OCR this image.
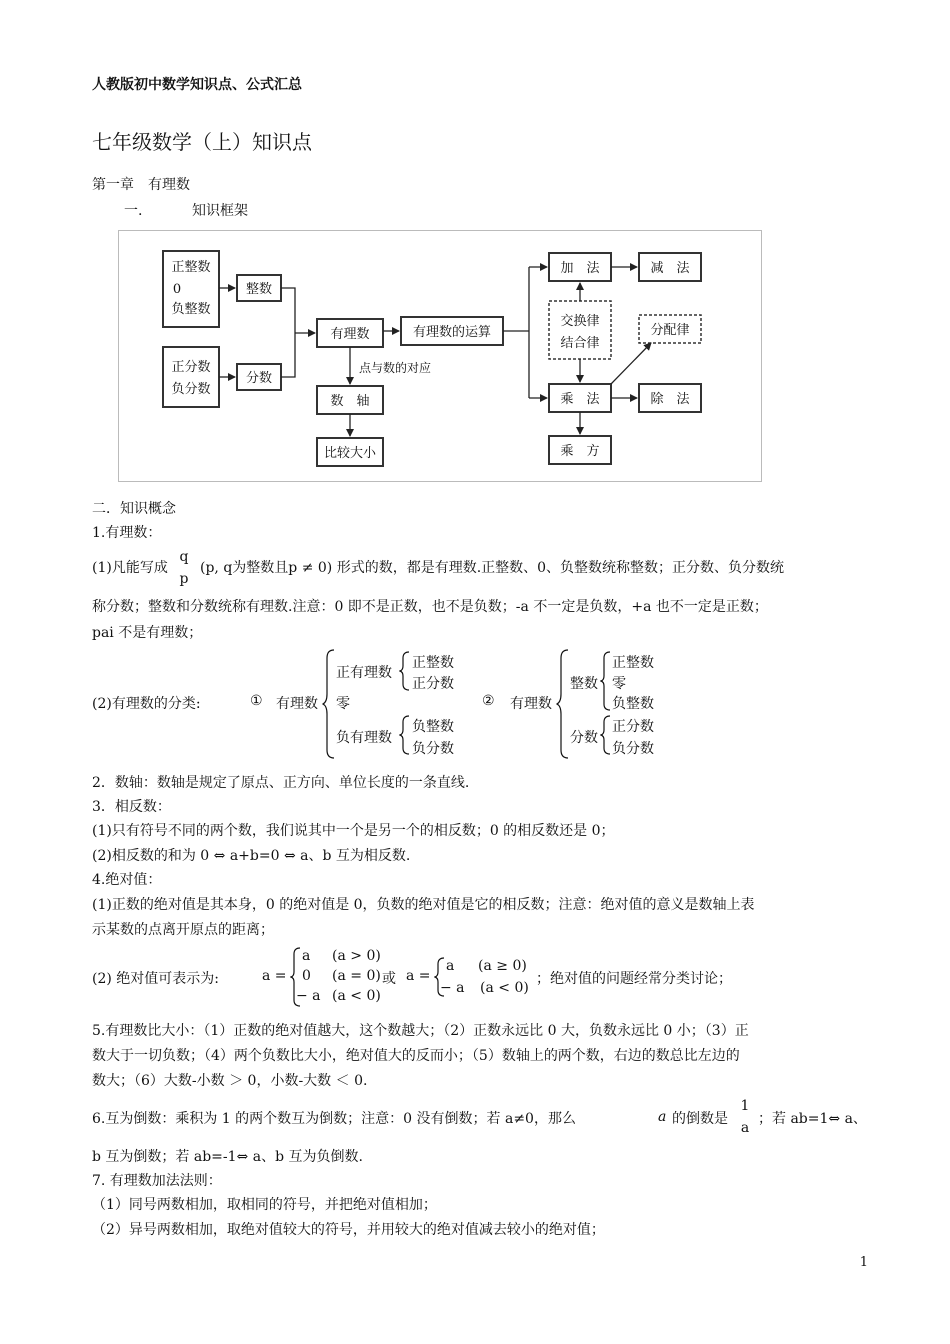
人教版初中数学知识点、公式汇总
七年级数学（上）知识点
第一章　有理数
一.	知识框架
正整数
0
负整数
整数
正分数
负分数
分数
有理数	有理数的运算
点与数的对应
数　轴
比较大小
加　法	减　法
交换律
结合律
分配律
乘　法	除　法
乘　方
二．知识概念
1.有理数：
(1)凡能写成
q
p
(p, q为整数且p ≠ 0) 形式的数，都是有理数.正整数、0、负整数统称整数；正分数、负分数统
称分数；整数和分数统称有理数.注意：0 即不是正数，也不是负数；-a 不一定是负数，+a 也不一定是正数；
pai 不是有理数；
(2)有理数的分类:	① 有理数
正有理数
正整数
正分数
零
负有理数
负整数
负分数
② 有理数
整数
正整数
零
负整数
分数
正分数
负分数
2．数轴：数轴是规定了原点、正方向、单位长度的一条直线.
3．相反数：
(1)只有符号不同的两个数，我们说其中一个是另一个的相反数；0 的相反数还是 0；
(2)相反数的和为 0 ⇔ a+b=0 ⇔ a、b 互为相反数.
4.绝对值：
(1)正数的绝对值是其本身，0 的绝对值是 0，负数的绝对值是它的相反数；注意：绝对值的意义是数轴上表
示某数的点离开原点的距离；
(2) 绝对值可表示为:	a =
a (a > 0)
0 (a = 0)
− a (a < 0)
或 a =
a (a ≥ 0)
− a (a < 0)
；绝对值的问题经常分类讨论；
5.有理数比大小：（1）正数的绝对值越大，这个数越大；（2）正数永远比 0 大，负数永远比 0 小；（3）正
数大于一切负数；（4）两个负数比大小，绝对值大的反而小；（5）数轴上的两个数，右边的数总比左边的
数大；（6）大数-小数 ＞ 0，小数-大数 ＜ 0.
6.互为倒数：乘积为 1 的两个数互为倒数；注意：0 没有倒数；若 a≠0，那么	a 的倒数是
1
a
；若 ab=1⇔ a、
b 互为倒数；若 ab=-1⇔ a、b 互为负倒数.
7. 有理数加法法则：
（1）同号两数相加，取相同的符号，并把绝对值相加；
（2）异号两数相加，取绝对值较大的符号，并用较大的绝对值减去较小的绝对值；
1
